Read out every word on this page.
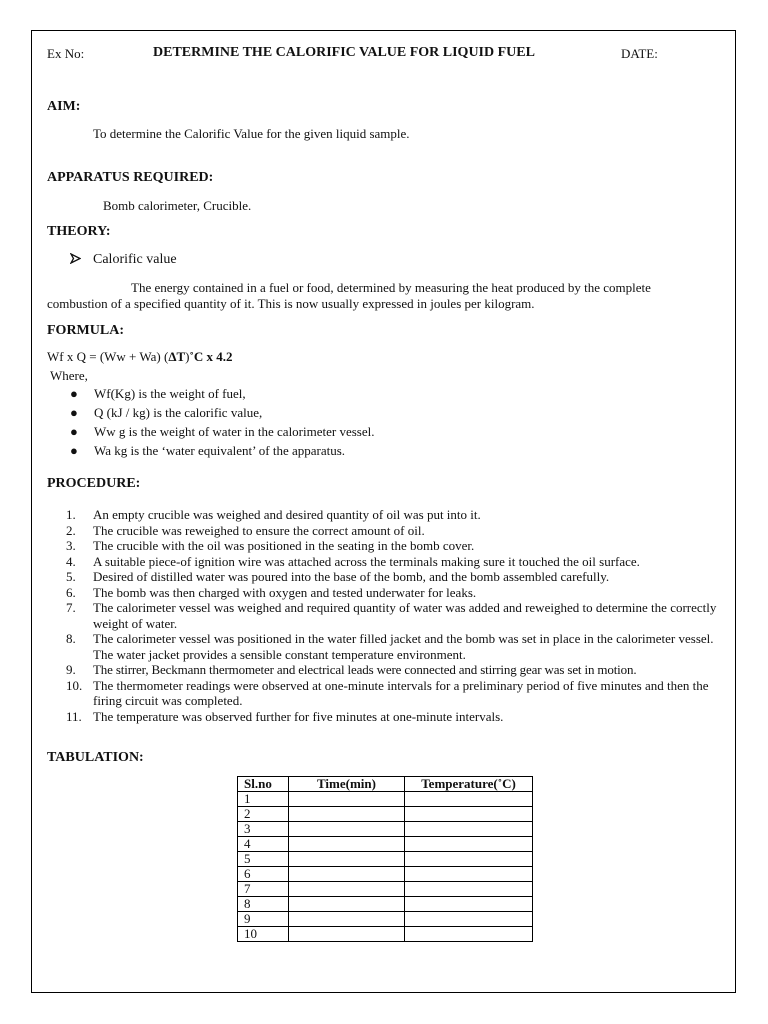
Ex No:	DETERMINE THE CALORIFIC VALUE FOR LIQUID FUEL	DATE:
AIM:
To determine the Calorific Value for the given liquid sample.
APPARATUS REQUIRED:
Bomb calorimeter, Crucible.
THEORY:
Calorific value
The energy contained in a fuel or food, determined by measuring the heat produced by the complete
combustion of a specified quantity of it. This is now usually expressed in joules per kilogram.
FORMULA:
Wf x Q = (Ww + Wa) (ΔT)˚C x 4.2
Where,
● Wf(Kg) is the weight of fuel,
● Q (kJ / kg) is the calorific value,
● Ww g is the weight of water in the calorimeter vessel.
● Wa kg is the ‘water equivalent’ of the apparatus.
PROCEDURE:
1.	An empty crucible was weighed and desired quantity of oil was put into it.
2.	The crucible was reweighed to ensure the correct amount of oil.
3.	The crucible with the oil was positioned in the seating in the bomb cover.
4.	A suitable piece-of ignition wire was attached across the terminals making sure it touched the oil surface.
5.	Desired of distilled water was poured into the base of the bomb, and the bomb assembled carefully.
6.	The bomb was then charged with oxygen and tested underwater for leaks.
7.	The calorimeter vessel was weighed and required quantity of water was added and reweighed to determine the correctly weight of water.
8.	The calorimeter vessel was positioned in the water filled jacket and the bomb was set in place in the calorimeter vessel. The water jacket provides a sensible constant temperature environment.
9.	The stirrer, Beckmann thermometer and electrical leads were connected and stirring gear was set in motion.
10. The thermometer readings were observed at one-minute intervals for a preliminary period of five minutes and then the firing circuit was completed.
11. The temperature was observed further for five minutes at one-minute intervals.
TABULATION:
Sl.no	Time(min)	Temperature(˚C)
1		
2		
3		
4		
5		
6		
7		
8		
9		
10		
